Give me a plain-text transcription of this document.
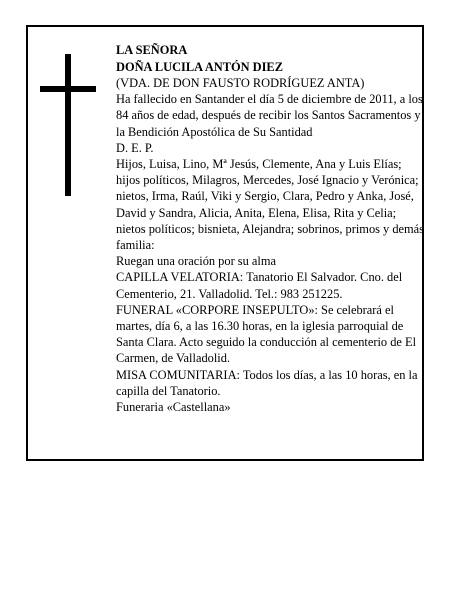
LA SEÑORA
DOÑA LUCILA ANTÓN DIEZ
(VDA. DE DON FAUSTO RODRÍGUEZ ANTA)
Ha fallecido en Santander el día 5 de diciembre de 2011, a los 84 años de edad, después de recibir los Santos Sacramentos y la Bendición Apostólica de Su Santidad
D. E. P.
Hijos, Luisa, Lino, Mª Jesús, Clemente, Ana y Luis Elías; hijos políticos, Milagros, Mercedes, José Ignacio y Verónica; nietos, Irma, Raúl, Viki y Sergio, Clara, Pedro y Anka, José, David y Sandra, Alicia, Anita, Elena, Elisa, Rita y Celia; nietos políticos; bisnieta, Alejandra; sobrinos, primos y demás familia:
Ruegan una oración por su alma
CAPILLA VELATORIA: Tanatorio El Salvador. Cno. del Cementerio, 21. Valladolid. Tel.: 983 251225.
FUNERAL «CORPORE INSEPULTO»: Se celebrará el martes, día 6, a las 16.30 horas, en la iglesia parroquial de Santa Clara. Acto seguido la conducción al cementerio de El Carmen, de Valladolid.
MISA COMUNITARIA: Todos los días, a las 10 horas, en la capilla del Tanatorio.
Funeraria «Castellana»
